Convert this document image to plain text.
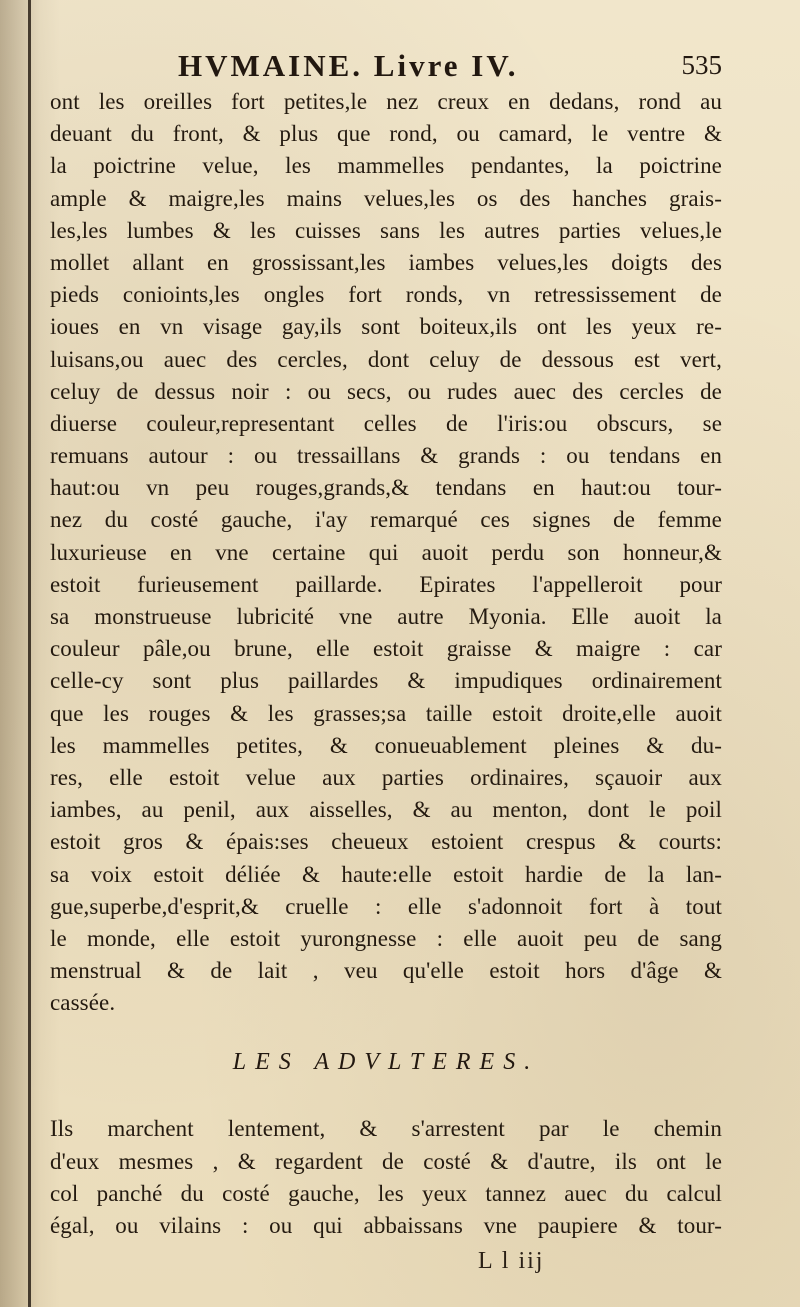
HVMAINE. Livre IV.	535
ont les oreilles fort petites,le nez creux en dedans, rond au
deuant du front, & plus que rond, ou camard, le ventre &
la poictrine velue, les mammelles pendantes, la poictrine
ample & maigre,les mains velues,les os des hanches grais-
les,les lumbes & les cuisses sans les autres parties velues,le
mollet allant en grossissant,les iambes velues,les doigts des
pieds conioints,les ongles fort ronds, vn retressissement de
ioues en vn visage gay,ils sont boiteux,ils ont les yeux re-
luisans,ou auec des cercles, dont celuy de dessous est vert,
celuy de dessus noir : ou secs, ou rudes auec des cercles de
diuerse couleur,representant celles de l'iris:ou obscurs, se
remuans autour : ou tressaillans & grands : ou tendans en
haut:ou vn peu rouges,grands,& tendans en haut:ou tour-
nez du costé gauche, i'ay remarqué ces signes de femme
luxurieuse en vne certaine qui auoit perdu son honneur,&
estoit furieusement paillarde. Epirates l'appelleroit pour
sa monstrueuse lubricité vne autre Myonia. Elle auoit la
couleur pâle,ou brune, elle estoit graisse & maigre : car
celle-cy sont plus paillardes & impudiques ordinairement
que les rouges & les grasses;sa taille estoit droite,elle auoit
les mammelles petites, & conueuablement pleines & du-
res, elle estoit velue aux parties ordinaires, sçauoir aux
iambes, au penil, aux aisselles, & au menton, dont le poil
estoit gros & épais:ses cheueux estoient crespus & courts:
sa voix estoit déliée & haute:elle estoit hardie de la lan-
gue,superbe,d'esprit,& cruelle : elle s'adonnoit fort à tout
le monde, elle estoit yurongnesse : elle auoit peu de sang
menstrual & de lait , veu qu'elle estoit hors d'âge &
cassée.
LES ADVLTERES.
Ils marchent lentement, & s'arrestent par le chemin
d'eux mesmes , & regardent de costé & d'autre, ils ont le
col panché du costé gauche, les yeux tannez auec du calcul
égal, ou vilains : ou qui abbaissans vne paupiere & tour-
L l iij
